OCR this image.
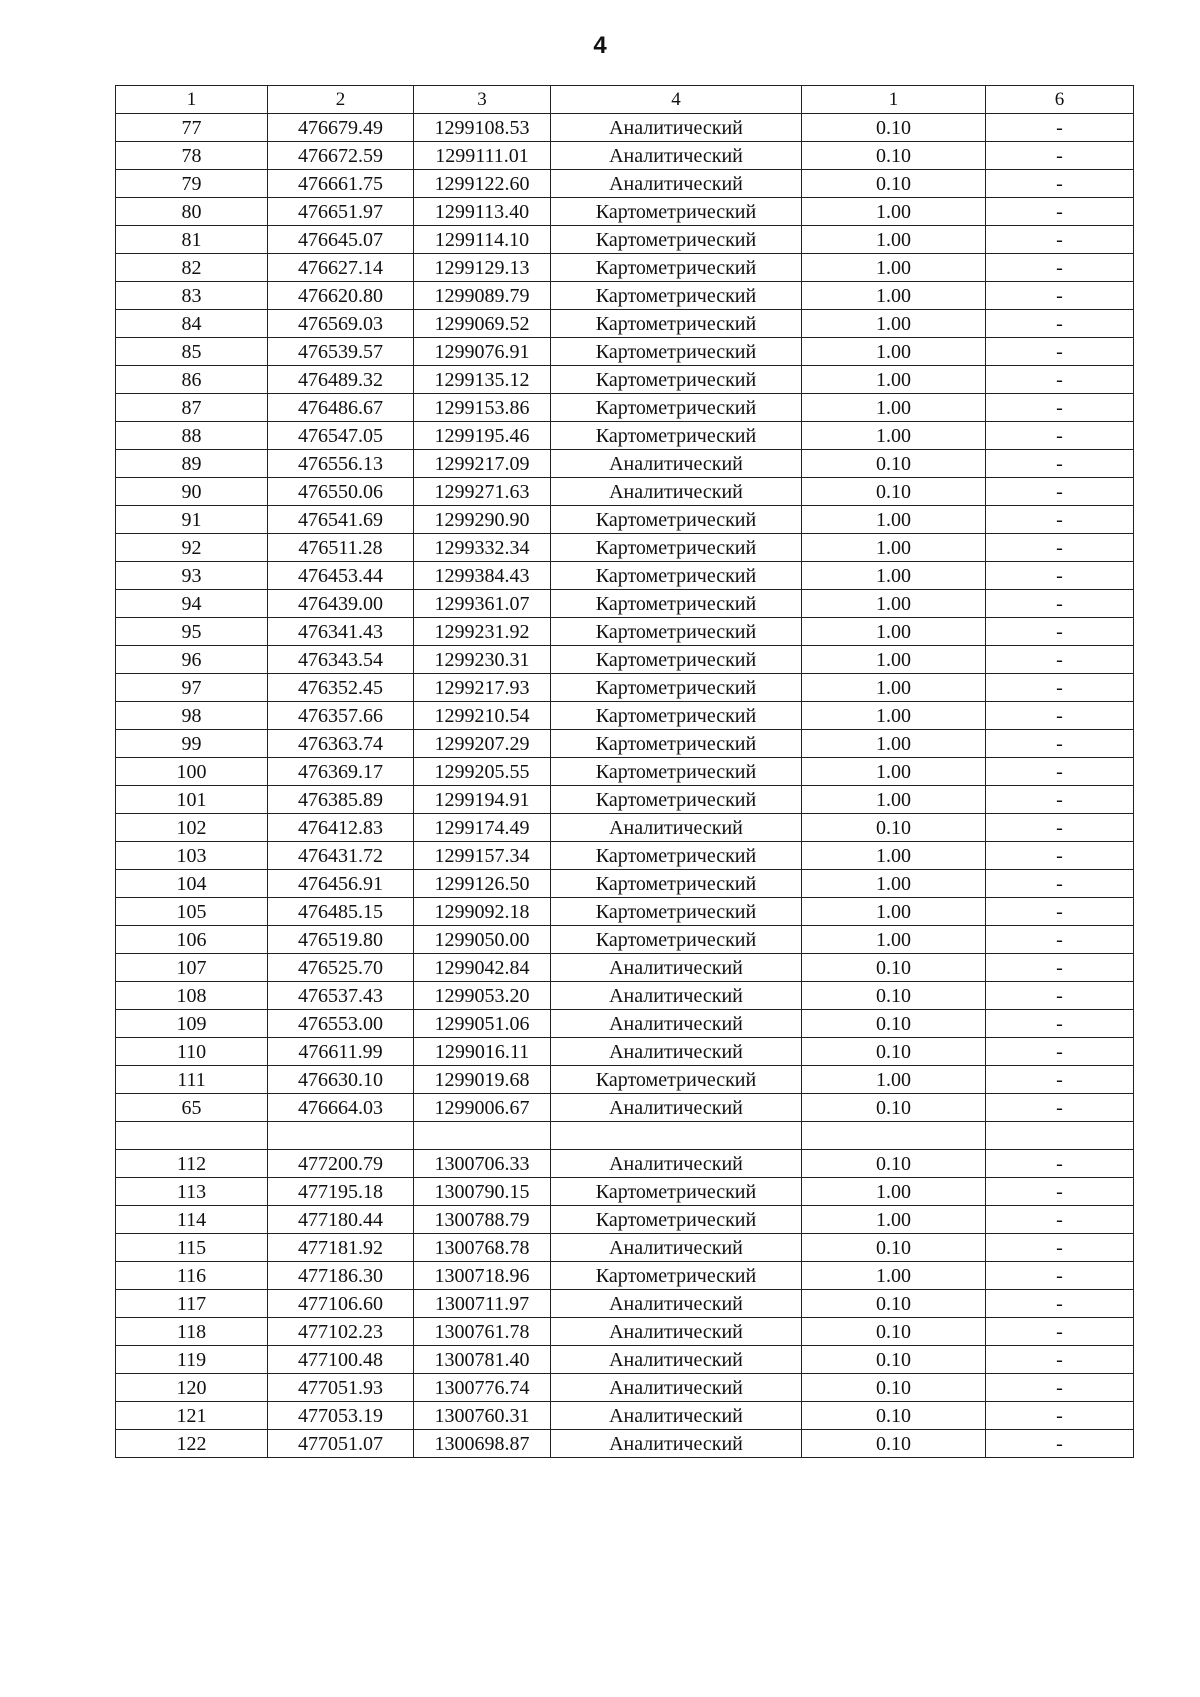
4
1	2	3	4	1	6
77	476679.49	1299108.53	Аналитический	0.10	-
78	476672.59	1299111.01	Аналитический	0.10	-
79	476661.75	1299122.60	Аналитический	0.10	-
80	476651.97	1299113.40	Картометрический	1.00	-
81	476645.07	1299114.10	Картометрический	1.00	-
82	476627.14	1299129.13	Картометрический	1.00	-
83	476620.80	1299089.79	Картометрический	1.00	-
84	476569.03	1299069.52	Картометрический	1.00	-
85	476539.57	1299076.91	Картометрический	1.00	-
86	476489.32	1299135.12	Картометрический	1.00	-
87	476486.67	1299153.86	Картометрический	1.00	-
88	476547.05	1299195.46	Картометрический	1.00	-
89	476556.13	1299217.09	Аналитический	0.10	-
90	476550.06	1299271.63	Аналитический	0.10	-
91	476541.69	1299290.90	Картометрический	1.00	-
92	476511.28	1299332.34	Картометрический	1.00	-
93	476453.44	1299384.43	Картометрический	1.00	-
94	476439.00	1299361.07	Картометрический	1.00	-
95	476341.43	1299231.92	Картометрический	1.00	-
96	476343.54	1299230.31	Картометрический	1.00	-
97	476352.45	1299217.93	Картометрический	1.00	-
98	476357.66	1299210.54	Картометрический	1.00	-
99	476363.74	1299207.29	Картометрический	1.00	-
100	476369.17	1299205.55	Картометрический	1.00	-
101	476385.89	1299194.91	Картометрический	1.00	-
102	476412.83	1299174.49	Аналитический	0.10	-
103	476431.72	1299157.34	Картометрический	1.00	-
104	476456.91	1299126.50	Картометрический	1.00	-
105	476485.15	1299092.18	Картометрический	1.00	-
106	476519.80	1299050.00	Картометрический	1.00	-
107	476525.70	1299042.84	Аналитический	0.10	-
108	476537.43	1299053.20	Аналитический	0.10	-
109	476553.00	1299051.06	Аналитический	0.10	-
110	476611.99	1299016.11	Аналитический	0.10	-
111	476630.10	1299019.68	Картометрический	1.00	-
65	476664.03	1299006.67	Аналитический	0.10	-

112	477200.79	1300706.33	Аналитический	0.10	-
113	477195.18	1300790.15	Картометрический	1.00	-
114	477180.44	1300788.79	Картометрический	1.00	-
115	477181.92	1300768.78	Аналитический	0.10	-
116	477186.30	1300718.96	Картометрический	1.00	-
117	477106.60	1300711.97	Аналитический	0.10	-
118	477102.23	1300761.78	Аналитический	0.10	-
119	477100.48	1300781.40	Аналитический	0.10	-
120	477051.93	1300776.74	Аналитический	0.10	-
121	477053.19	1300760.31	Аналитический	0.10	-
122	477051.07	1300698.87	Аналитический	0.10	-
